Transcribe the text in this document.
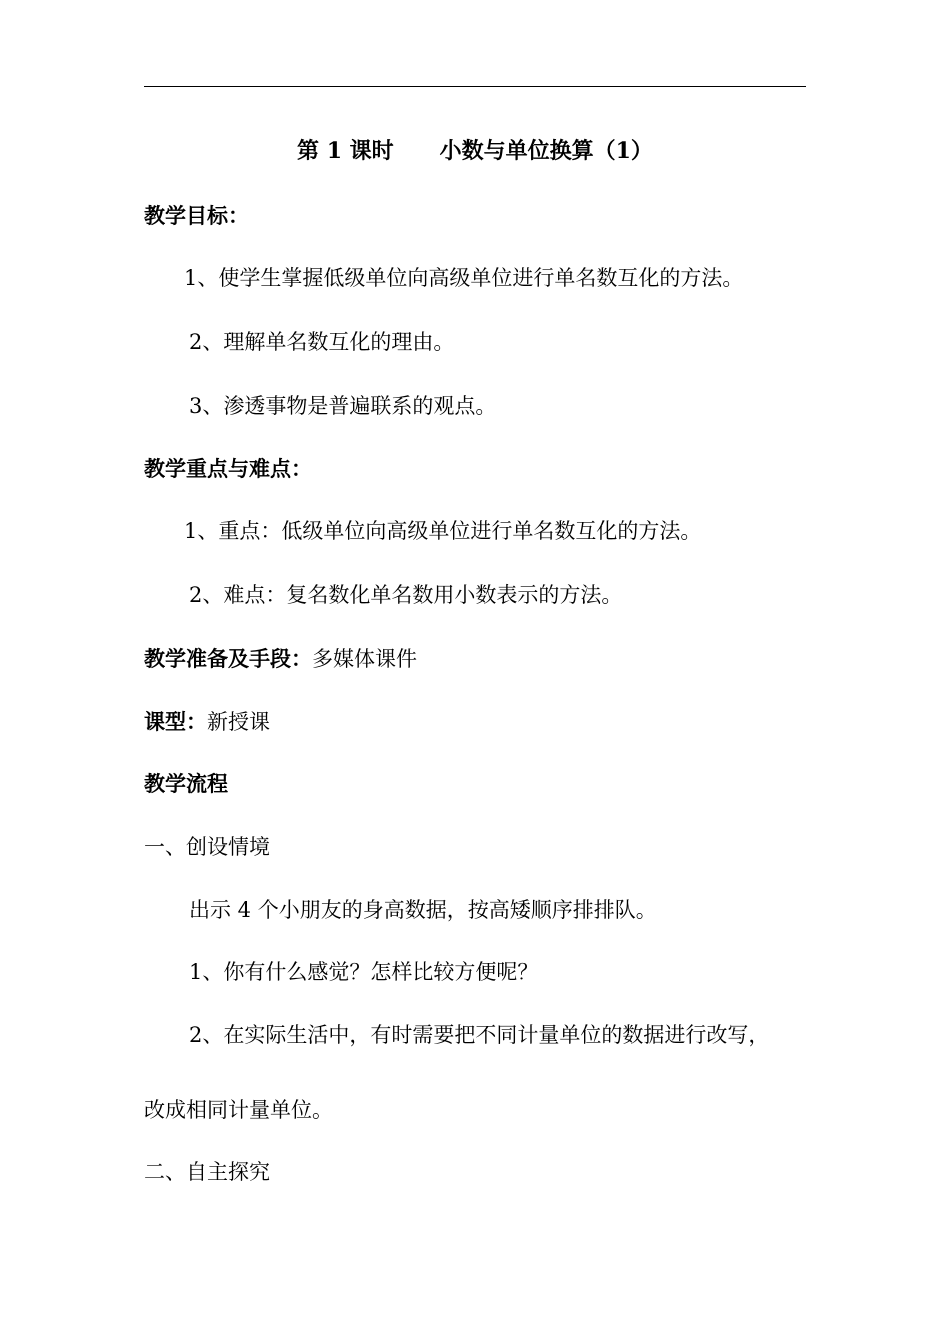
第 1 课时      小数与单位换算（1）
教学目标：
1、使学生掌握低级单位向高级单位进行单名数互化的方法。
2、理解单名数互化的理由。
3、渗透事物是普遍联系的观点。
教学重点与难点：
1、重点：低级单位向高级单位进行单名数互化的方法。
2、难点：复名数化单名数用小数表示的方法。
教学准备及手段：多媒体课件
课型：新授课
教学流程
一、创设情境
出示 4 个小朋友的身高数据，按高矮顺序排排队。
1、你有什么感觉？怎样比较方便呢？
2、在实际生活中，有时需要把不同计量单位的数据进行改写，
改成相同计量单位。
二、自主探究
